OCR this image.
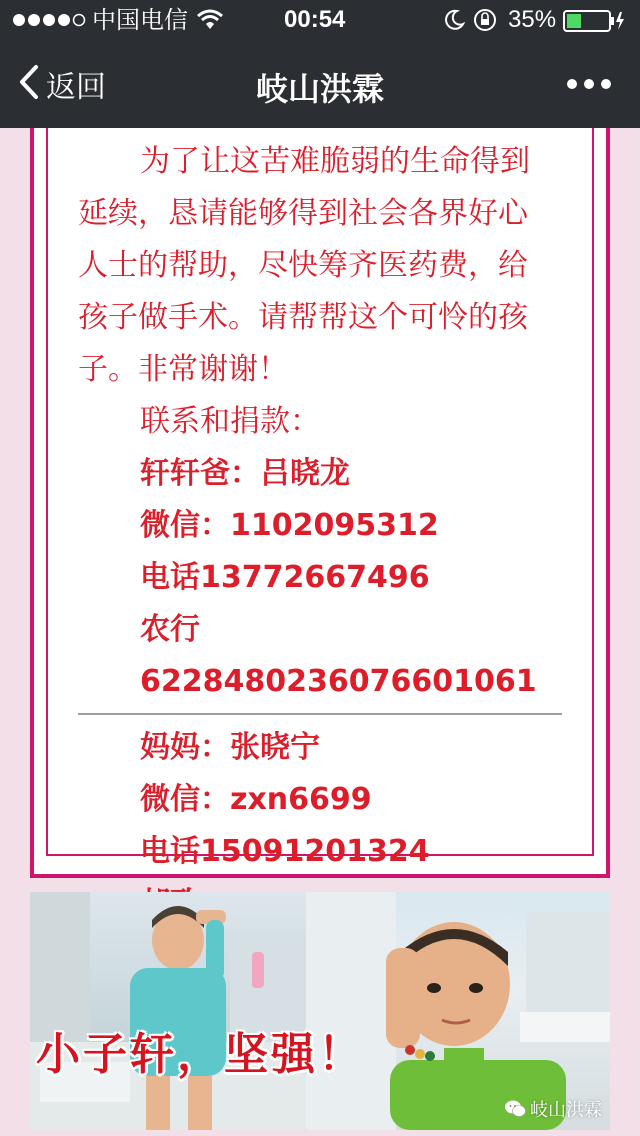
中国电信	00:54	35%
返回	岐山洪霖

为了让这苦难脆弱的生命得到

延续，恳请能够得到社会各界好心

人士的帮助，尽快筹齐医药费，给

孩子做手术。请帮帮这个可怜的孩

子。非常谢谢！

联系和捐款：

轩轩爸：吕晓龙

微信：1102095312

电话13772667496

农行6228480236076601061

妈妈：张晓宁

微信：zxn6699

电话15091201324

小子轩，坚强！
岐山洪霖
